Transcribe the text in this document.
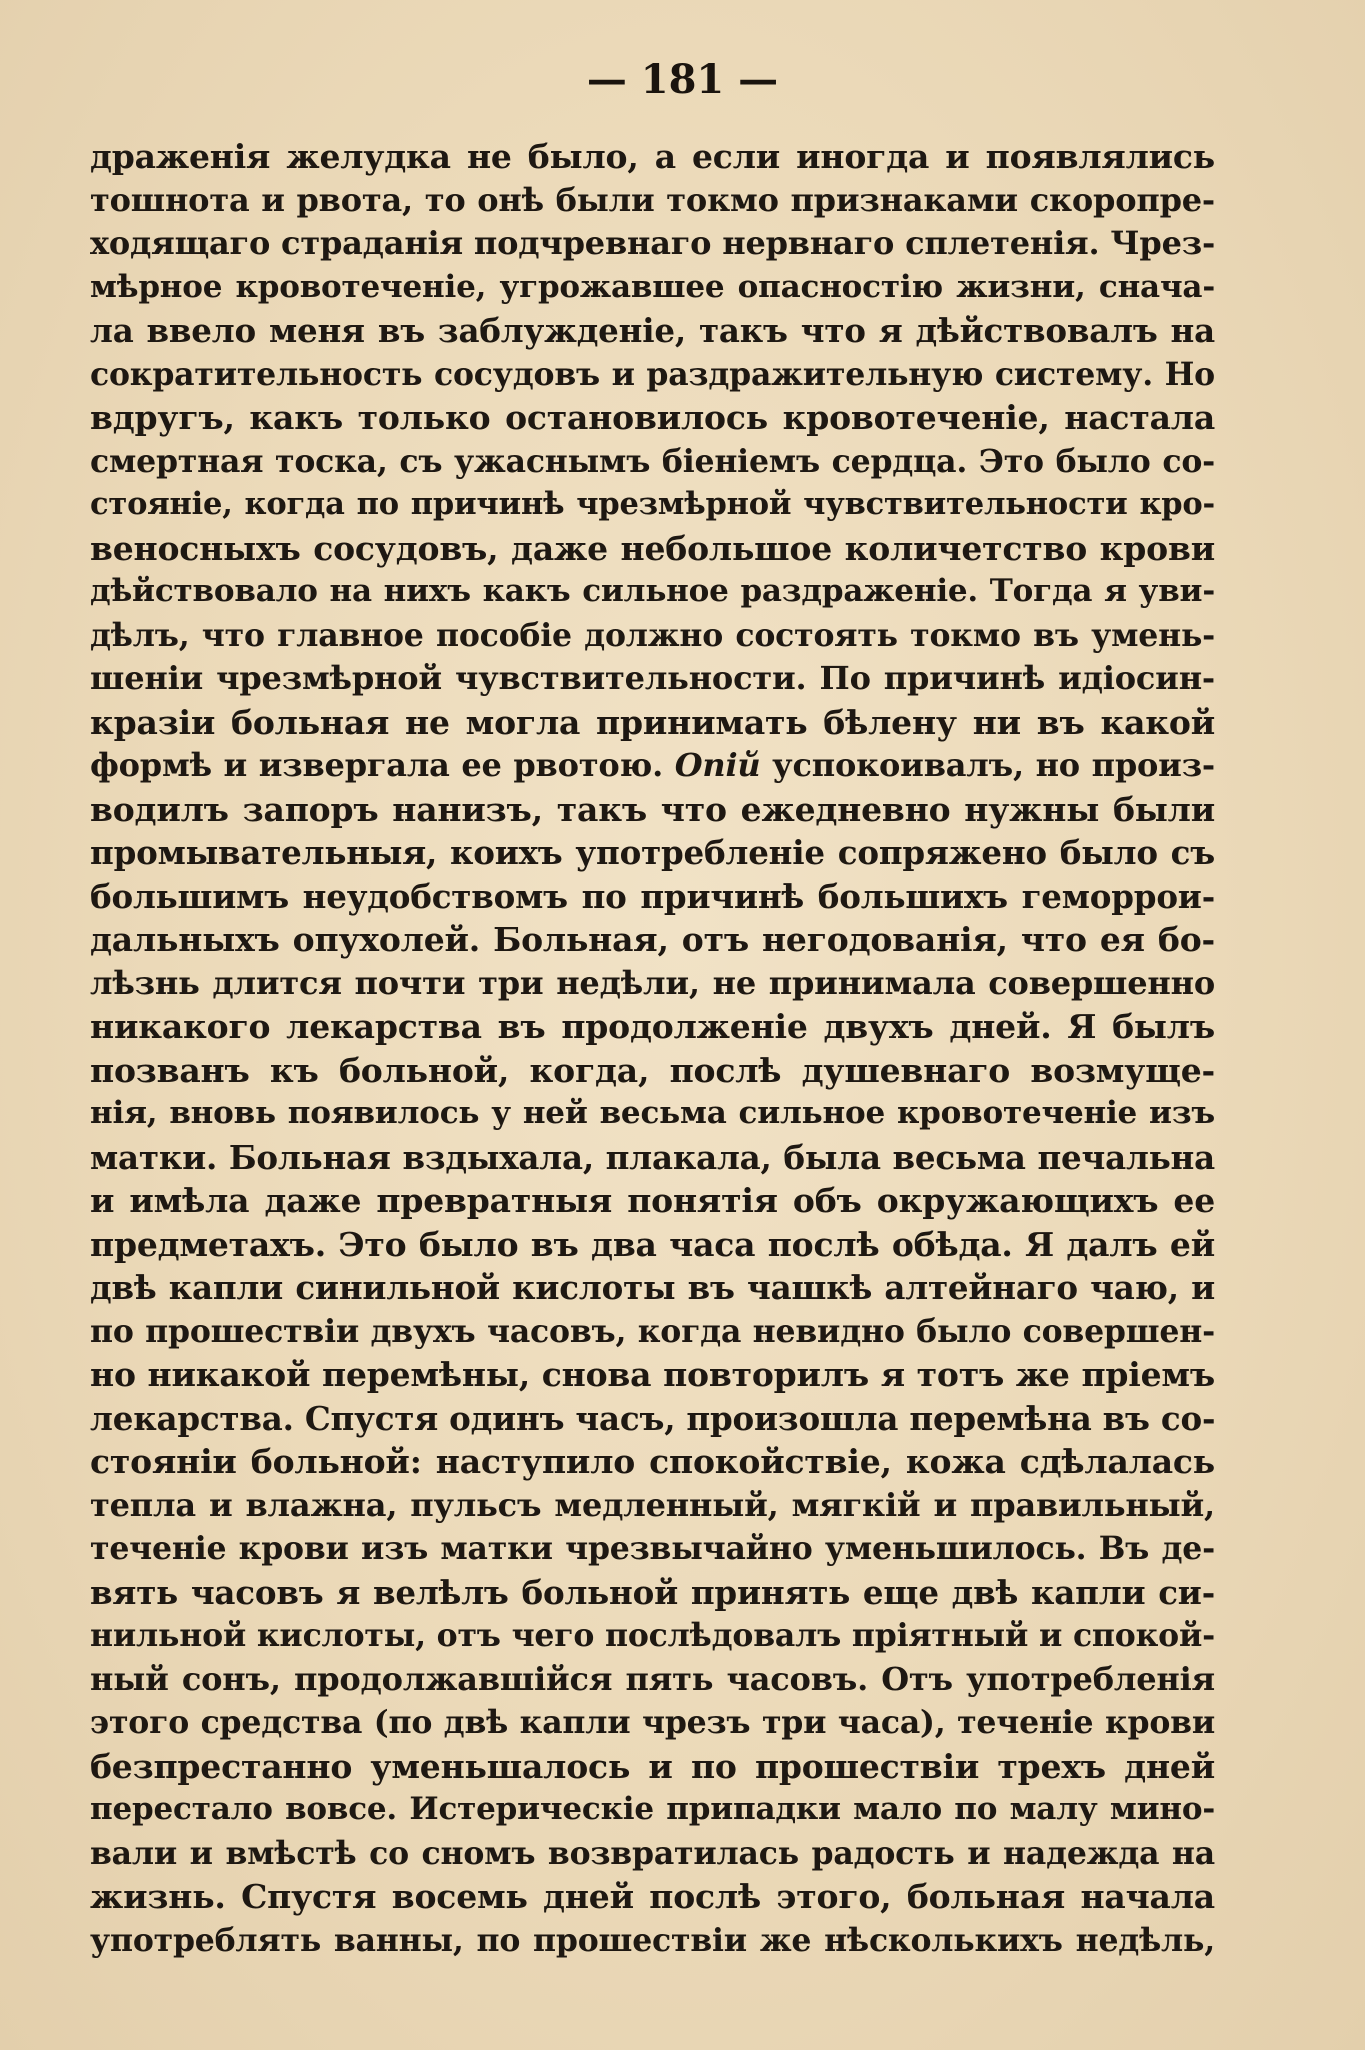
— 181 —
драженія желудка не было, а если иногда и появлялись
тошнота и рвота, то онѣ были токмо признаками скоропре-
ходящаго страданія подчревнаго нервнаго сплетенія. Чрез-
мѣрное кровотеченіе, угрожавшее опасностію жизни, снача-
ла ввело меня въ заблужденіе, такъ что я дѣйствовалъ на
сократительность сосудовъ и раздражительную систему. Но
вдругъ, какъ только остановилось кровотеченіе, настала
смертная тоска, съ ужаснымъ біеніемъ сердца. Это было со-
стояніе, когда по причинѣ чрезмѣрной чувствительности кро-
веносныхъ сосудовъ, даже небольшое количетство крови
дѣйствовало на нихъ какъ сильное раздраженіе. Тогда я уви-
дѣлъ, что главное пособіе должно состоять токмо въ умень-
шеніи чрезмѣрной чувствительности. По причинѣ идіосин-
кразіи больная не могла принимать бѣлену ни въ какой
формѣ и извергала ее рвотою. Опій успокоивалъ, но произ-
водилъ запоръ нанизъ, такъ что ежедневно нужны были
промывательныя, коихъ употребленіе сопряжено было съ
большимъ неудобствомъ по причинѣ большихъ геморрои-
дальныхъ опухолей. Больная, отъ негодованія, что ея бо-
лѣзнь длится почти три недѣли, не принимала совершенно
никакого лекарства въ продолженіе двухъ дней. Я былъ
позванъ къ больной, когда, послѣ душевнаго возмуще-
нія, вновь появилось у ней весьма сильное кровотеченіе изъ
матки. Больная вздыхала, плакала, была весьма печальна
и имѣла даже превратныя понятія объ окружающихъ ее
предметахъ. Это было въ два часа послѣ обѣда. Я далъ ей
двѣ капли синильной кислоты въ чашкѣ алтейнаго чаю, и
по прошествіи двухъ часовъ, когда невидно было совершен-
но никакой перемѣны, снова повторилъ я тотъ же пріемъ
лекарства. Спустя одинъ часъ, произошла перемѣна въ со-
стояніи больной: наступило спокойствіе, кожа сдѣлалась
тепла и влажна, пульсъ медленный, мягкій и правильный,
теченіе крови изъ матки чрезвычайно уменьшилось. Въ де-
вять часовъ я велѣлъ больной принять еще двѣ капли си-
нильной кислоты, отъ чего послѣдовалъ пріятный и спокой-
ный сонъ, продолжавшійся пять часовъ. Отъ употребленія
этого средства (по двѣ капли чрезъ три часа), теченіе крови
безпрестанно уменьшалось и по прошествіи трехъ дней
перестало вовсе. Истерическіе припадки мало по малу мино-
вали и вмѣстѣ со сномъ возвратилась радость и надежда на
жизнь. Спустя восемь дней послѣ этого, больная начала
употреблять ванны, по прошествіи же нѣсколькихъ недѣль,
